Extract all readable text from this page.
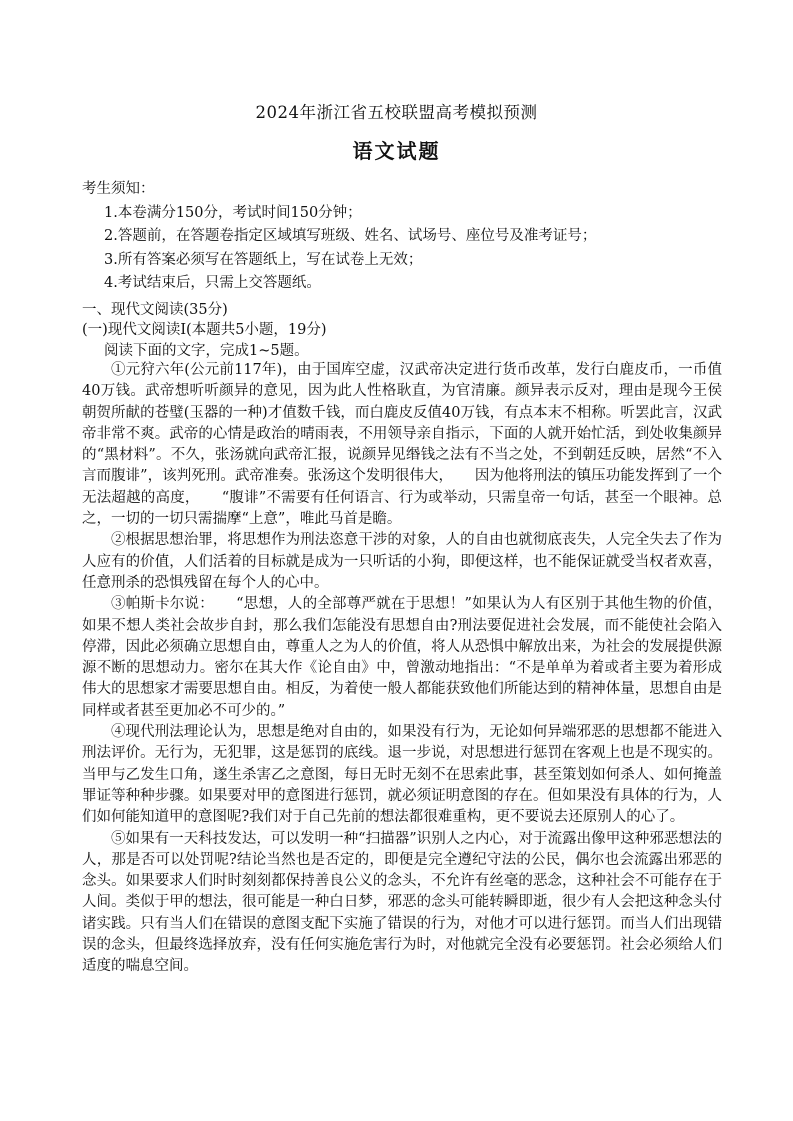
2024年浙江省五校联盟高考模拟预测
语文试题
考生须知：
1.本卷满分150分，考试时间150分钟；
2.答题前，在答题卷指定区域填写班级、姓名、试场号、座位号及准考证号；
3.所有答案必须写在答题纸上，写在试卷上无效；
4.考试结束后，只需上交答题纸。
一、现代文阅读(35分)
(一)现代文阅读Ⅰ(本题共5小题，19分)
阅读下面的文字，完成1~5题。

①元狩六年(公元前117年)，由于国库空虚，汉武帝决定进行货币改革，发行白鹿皮币，一币值40万钱。武帝想听听颜异的意见，因为此人性格耿直，为官清廉。颜异表示反对，理由是现今王侯朝贺所献的苍璧(玉器的一种)才值数千钱，而白鹿皮反值40万钱，有点本末不相称。听罢此言，汉武帝非常不爽。武帝的心情是政治的晴雨表，不用领导亲自指示，下面的人就开始忙活，到处收集颜异的“黑材料”。不久，张汤就向武帝汇报，说颜异见缗钱之法有不当之处，不到朝廷反映，居然“不入言而腹诽”，该判死刑。武帝准奏。张汤这个发明很伟大，　　因为他将刑法的镇压功能发挥到了一个无法超越的高度，　　“腹诽”不需要有任何语言、行为或举动，只需皇帝一句话，甚至一个眼神。总之，一切的一切只需揣摩“上意”，唯此马首是瞻。

②根据思想治罪，将思想作为刑法恣意干涉的对象，人的自由也就彻底丧失，人完全失去了作为人应有的价值，人们活着的目标就是成为一只听话的小狗，即便这样，也不能保证就受当权者欢喜，任意刑杀的恐惧残留在每个人的心中。

③帕斯卡尔说：　　“思想，人的全部尊严就在于思想！”如果认为人有区别于其他生物的价值，如果不想人类社会故步自封，那么我们怎能没有思想自由?刑法要促进社会发展，而不能使社会陷入停滞，因此必须确立思想自由，尊重人之为人的价值，将人从恐惧中解放出来，为社会的发展提供源源不断的思想动力。密尔在其大作《论自由》中，曾激动地指出：“不是单单为着或者主要为着形成伟大的思想家才需要思想自由。相反，为着使一般人都能获致他们所能达到的精神体量，思想自由是同样或者甚至更加必不可少的。”

④现代刑法理论认为，思想是绝对自由的，如果没有行为，无论如何异端邪恶的思想都不能进入刑法评价。无行为，无犯罪，这是惩罚的底线。退一步说，对思想进行惩罚在客观上也是不现实的。当甲与乙发生口角，遂生杀害乙之意图，每日无时无刻不在思索此事，甚至策划如何杀人、如何掩盖罪证等种种步骤。如果要对甲的意图进行惩罚，就必须证明意图的存在。但如果没有具体的行为，人们如何能知道甲的意图呢?我们对于自己先前的想法都很难重构，更不要说去还原别人的心了。

⑤如果有一天科技发达，可以发明一种“扫描器”识别人之内心，对于流露出像甲这种邪恶想法的人，那是否可以处罚呢?结论当然也是否定的，即便是完全遵纪守法的公民，偶尔也会流露出邪恶的念头。如果要求人们时时刻刻都保持善良公义的念头，不允许有丝毫的恶念，这种社会不可能存在于人间。类似于甲的想法，很可能是一种白日梦，邪恶的念头可能转瞬即逝，很少有人会把这种念头付诸实践。只有当人们在错误的意图支配下实施了错误的行为，对他才可以进行惩罚。而当人们出现错误的念头，但最终选择放弃，没有任何实施危害行为时，对他就完全没有必要惩罚。社会必须给人们适度的喘息空间。
